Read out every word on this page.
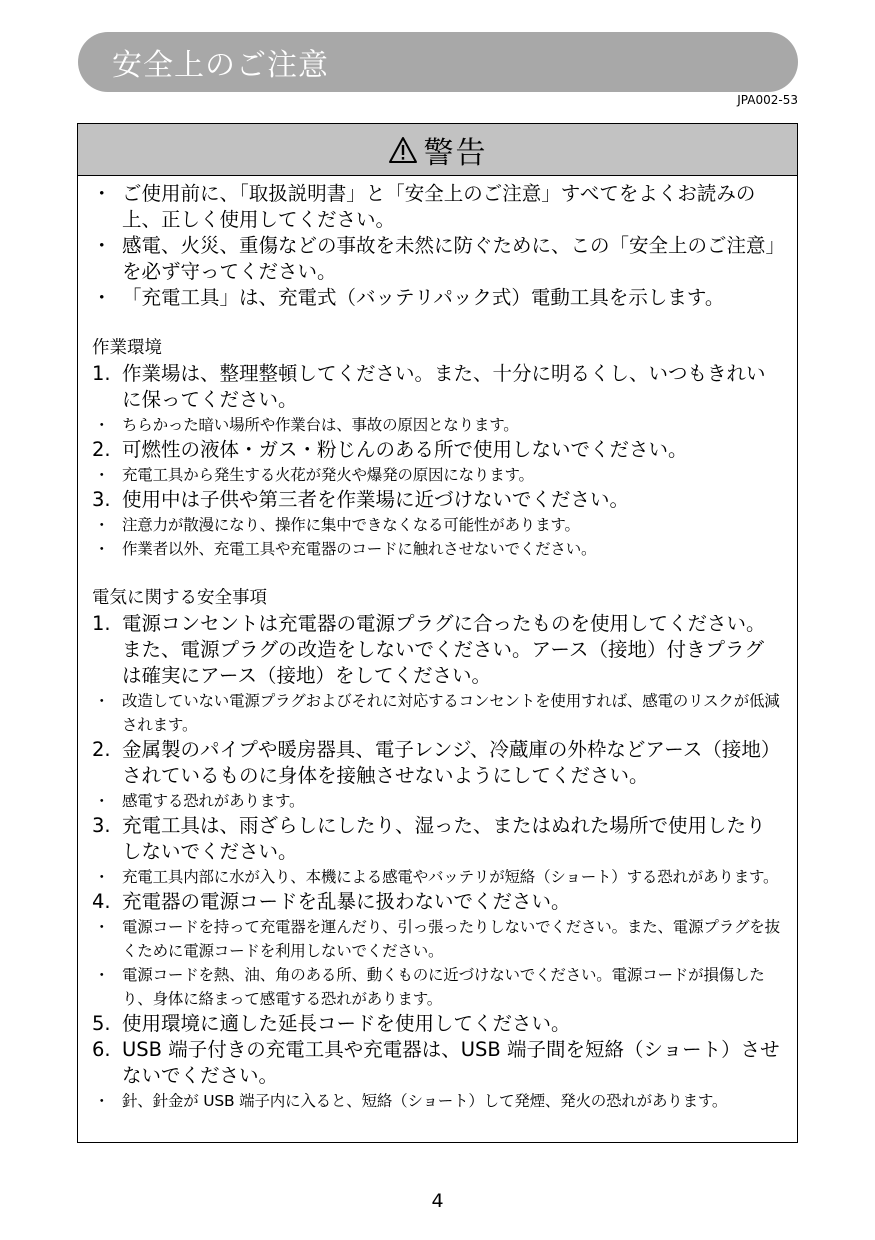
安全上のご注意
JPA002-53
警告
・ ご使用前に、「取扱説明書」と「安全上のご注意」すべてをよくお読みの上、正しく使用してください。
・ 感電、火災、重傷などの事故を未然に防ぐために、この「安全上のご注意」を必ず守ってください。
・ 「充電工具」は、充電式（バッテリパック式）電動工具を示します。
作業環境
1. 作業場は、整理整頓してください。また、十分に明るくし、いつもきれいに保ってください。
・ ちらかった暗い場所や作業台は、事故の原因となります。
2. 可燃性の液体・ガス・粉じんのある所で使用しないでください。
・ 充電工具から発生する火花が発火や爆発の原因になります。
3. 使用中は子供や第三者を作業場に近づけないでください。
・ 注意力が散漫になり、操作に集中できなくなる可能性があります。
・ 作業者以外、充電工具や充電器のコードに触れさせないでください。
電気に関する安全事項
1. 電源コンセントは充電器の電源プラグに合ったものを使用してください。また、電源プラグの改造をしないでください。アース（接地）付きプラグは確実にアース（接地）をしてください。
・ 改造していない電源プラグおよびそれに対応するコンセントを使用すれば、感電のリスクが低減されます。
2. 金属製のパイプや暖房器具、電子レンジ、冷蔵庫の外枠などアース（接地）されているものに身体を接触させないようにしてください。
・ 感電する恐れがあります。
3. 充電工具は、雨ざらしにしたり、湿った、またはぬれた場所で使用したりしないでください。
・ 充電工具内部に水が入り、本機による感電やバッテリが短絡（ショート）する恐れがあります。
4. 充電器の電源コードを乱暴に扱わないでください。
・ 電源コードを持って充電器を運んだり、引っ張ったりしないでください。また、電源プラグを抜くために電源コードを利用しないでください。
・ 電源コードを熱、油、角のある所、動くものに近づけないでください。電源コードが損傷したり、身体に絡まって感電する恐れがあります。
5. 使用環境に適した延長コードを使用してください。
6. USB 端子付きの充電工具や充電器は、USB 端子間を短絡（ショート）させないでください。
・ 針、針金が USB 端子内に入ると、短絡（ショート）して発煙、発火の恐れがあります。
4
